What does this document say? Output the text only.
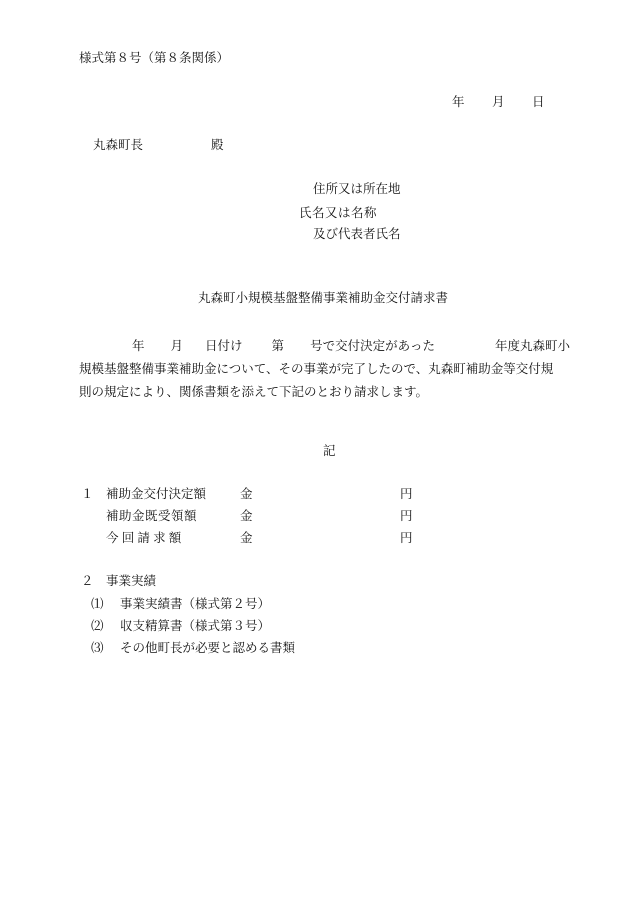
様式第８号（第８条関係）
年 月 日
丸森町長	殿
住所又は所在地
氏名又は名称
及び代表者氏名
丸森町小規模基盤整備事業補助金交付請求書
年 月 日付け 第 号で交付決定があった	年度丸森町小
規模基盤整備事業補助金について、その事業が完了したので、丸森町補助金等交付規
則の規定により、関係書類を添えて下記のとおり請求します。
記
１ 補助金交付決定額	金	円
補助金既受領額	金	円
今回請求額	金	円
２ 事業実績
⑴ 事業実績書（様式第２号）
⑵ 収支精算書（様式第３号）
⑶ その他町長が必要と認める書類
